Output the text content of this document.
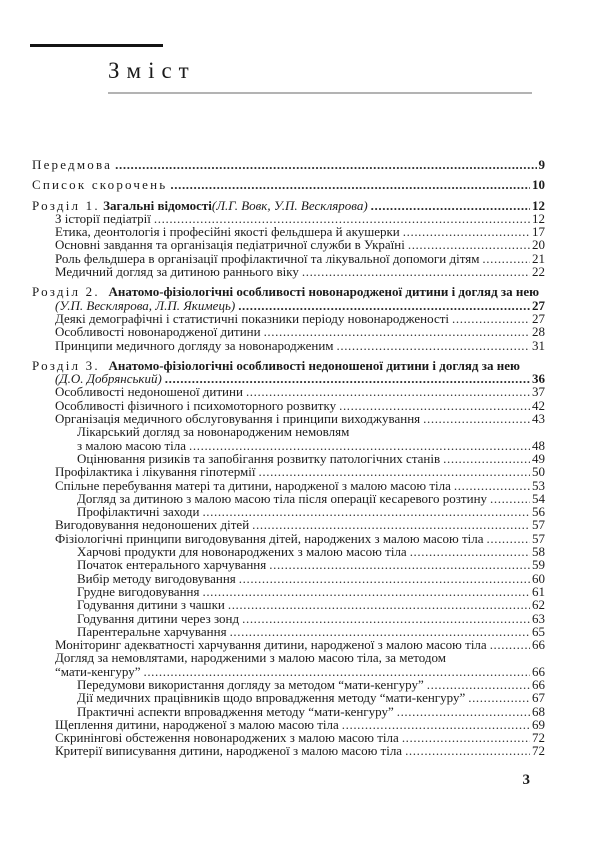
Зміст
Передмова .....	9
Список скорочень .....	10
Розділ 1. Загальні відомості (Л.Г. Вовк, У.П. Весклярова) .....	12
З історії педіатрії .....	12
Етика, деонтологія і професійні якості фельдшера й акушерки .....	17
Основні завдання та організація педіатричної служби в Україні .....	20
Роль фельдшера в організації профілактичної та лікувальної допомоги дітям .....	21
Медичний догляд за дитиною раннього віку .....	22
Розділ 2.  Анатомо-фізіологічні особливості новонародженої дитини і догляд за нею
(У.П. Весклярова, Л.П. Якимець) .....	27
Деякі демографічні і статистичні показники періоду новонародженості .....	27
Особливості новонародженої дитини .....	28
Принципи медичного догляду за новонародженим .....	31
Розділ 3.  Анатомо-фізіологічні особливості недоношеної дитини і догляд за нею
(Д.О. Добрянський) .....	36
Особливості недоношеної дитини .....	37
Особливості фізичного і психомоторного розвитку .....	42
Організація медичного обслуговування і принципи виходжування .....	43
Лікарський догляд за новонародженим немовлям
з малою масою тіла .....	48
Оцінювання ризиків та запобігання розвитку патологічних станів .....	49
Профілактика і лікування гіпотермії .....	50
Спільне перебування матері та дитини, народженої з малою масою тіла .....	53
Догляд за дитиною з малою масою тіла після операції кесаревого розтину .....	54
Профілактичні заходи .....	56
Вигодовування недоношених дітей .....	57
Фізіологічні принципи вигодовування дітей, народжених з малою масою тіла .....	57
Харчові продукти для новонароджених з малою масою тіла .....	58
Початок ентерального харчування .....	59
Вибір методу вигодовування .....	60
Грудне вигодовування .....	61
Годування дитини з чашки .....	62
Годування дитини через зонд .....	63
Парентеральне харчування .....	65
Моніторинг адекватності харчування дитини, народженої з малою масою тіла .....	66
Догляд за немовлятами, народженими з малою масою тіла, за методом
“мати-кенгуру” .....	66
Передумови використання догляду за методом “мати-кенгуру” .....	66
Дії медичних працівників щодо впровадження методу “мати-кенгуру” .....	67
Практичні аспекти впровадження методу “мати-кенгуру” .....	68
Щеплення дитини, народженої з малою масою тіла .....	69
Скринінгові обстеження новонароджених з малою масою тіла .....	72
Критерії виписування дитини, народженої з малою масою тіла .....	72
3
